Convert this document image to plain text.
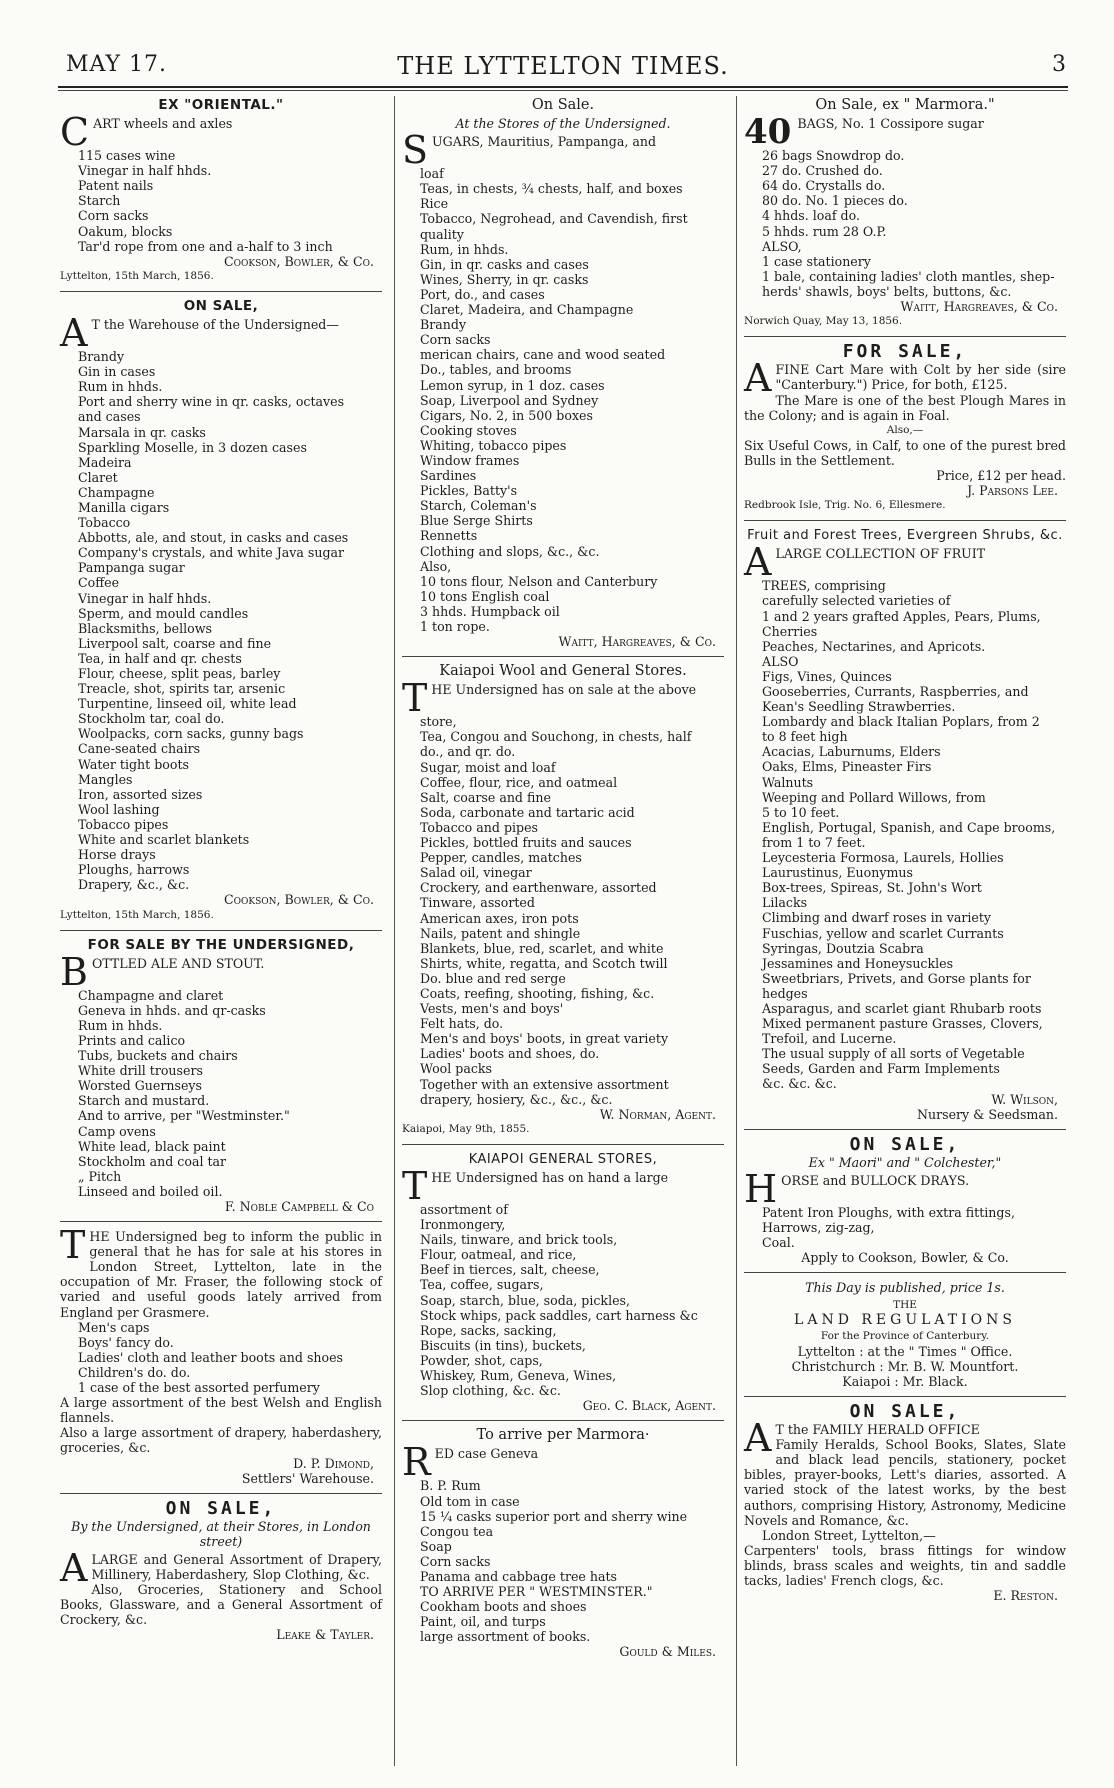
MAY 17.	THE LYTTELTON TIMES.	3
EX "ORIENTAL."
C ART wheels and axles
115 cases wine
Vinegar in half hhds.
Patent nails
Starch
Corn sacks
Oakum, blocks
Tar'd rope from one and a-half to 3 inch
Cookson, Bowler, & Co.
Lyttelton, 15th March, 1856.
ON SALE,
A T the Warehouse of the Undersigned—
Brandy
Gin in cases
Rum in hhds.
Port and sherry wine in qr. casks, octaves
and cases
Marsala in qr. casks
Sparkling Moselle, in 3 dozen cases
Madeira
Claret
Champagne
Manilla cigars
Tobacco
Abbotts, ale, and stout, in casks and cases
Company's crystals, and white Java sugar
Pampanga sugar
Coffee
Vinegar in half hhds.
Sperm, and mould candles
Blacksmiths, bellows
Liverpool salt, coarse and fine
Tea, in half and qr. chests
Flour, cheese, split peas, barley
Treacle, shot, spirits tar, arsenic
Turpentine, linseed oil, white lead
Stockholm tar, coal do.
Woolpacks, corn sacks, gunny bags
Cane-seated chairs
Water tight boots
Mangles
Iron, assorted sizes
Wool lashing
Tobacco pipes
White and scarlet blankets
Horse drays
Ploughs, harrows
Drapery, &c., &c.
Cookson, Bowler, & Co.
Lyttelton, 15th March, 1856.
FOR SALE BY THE UNDERSIGNED,
B OTTLED ALE AND STOUT.
Champagne and claret
Geneva in hhds. and qr-casks
Rum in hhds.
Prints and calico
Tubs, buckets and chairs
White drill trousers
Worsted Guernseys
Starch and mustard.
And to arrive, per "Westminster."
Camp ovens
White lead, black paint
Stockholm and coal tar
„ Pitch
Linseed and boiled oil.
F. Noble Campbell & Co
T HE Undersigned beg to inform the public in general that he has for sale at his stores in London Street, Lyttelton, late in the occupation of Mr. Fraser, the following stock of varied and useful goods lately arrived from England per Grasmere.
Men's caps
Boys' fancy do.
Ladies' cloth and leather boots and shoes
Children's do. do.
1 case of the best assorted perfumery
A large assortment of the best Welsh and English flannels.
Also a large assortment of drapery, haberdashery, groceries, &c.
D. P. Dimond,
Settlers' Warehouse.
ON SALE,
By the Undersigned, at their Stores, in London street)
A LARGE and General Assortment of Drapery, Millinery, Haberdashery, Slop Clothing, &c.
Also, Groceries, Stationery and School Books, Glassware, and a General Assortment of Crockery, &c.
Leake & Tayler.
On Sale.
At the Stores of the Undersigned.
S UGARS, Mauritius, Pampanga, and
loaf
Teas, in chests, ¾ chests, half, and boxes
Rice
Tobacco, Negrohead, and Cavendish, first
quality
Rum, in hhds.
Gin, in qr. casks and cases
Wines, Sherry, in qr. casks
Port, do., and cases
Claret, Madeira, and Champagne
Brandy
Corn sacks
merican chairs, cane and wood seated
Do., tables, and brooms
Lemon syrup, in 1 doz. cases
Soap, Liverpool and Sydney
Cigars, No. 2, in 500 boxes
Cooking stoves
Whiting, tobacco pipes
Window frames
Sardines
Pickles, Batty's
Starch, Coleman's
Blue Serge Shirts
Rennetts
Clothing and slops, &c., &c.
Also,
10 tons flour, Nelson and Canterbury
10 tons English coal
3 hhds. Humpback oil
1 ton rope.
Waitt, Hargreaves, & Co.
Kaiapoi Wool and General Stores.
T HE Undersigned has on sale at the above
store,
Tea, Congou and Souchong, in chests, half
do., and qr. do.
Sugar, moist and loaf
Coffee, flour, rice, and oatmeal
Salt, coarse and fine
Soda, carbonate and tartaric acid
Tobacco and pipes
Pickles, bottled fruits and sauces
Pepper, candles, matches
Salad oil, vinegar
Crockery, and earthenware, assorted
Tinware, assorted
American axes, iron pots
Nails, patent and shingle
Blankets, blue, red, scarlet, and white
Shirts, white, regatta, and Scotch twill
Do. blue and red serge
Coats, reefing, shooting, fishing, &c.
Vests, men's and boys'
Felt hats, do.
Men's and boys' boots, in great variety
Ladies' boots and shoes, do.
Wool packs
Together with an extensive assortment
drapery, hosiery, &c., &c., &c.
W. Norman, Agent.
Kaiapoi, May 9th, 1855.
KAIAPOI GENERAL STORES,
T HE Undersigned has on hand a large
assortment of
Ironmongery,
Nails, tinware, and brick tools,
Flour, oatmeal, and rice,
Beef in tierces, salt, cheese,
Tea, coffee, sugars,
Soap, starch, blue, soda, pickles,
Stock whips, pack saddles, cart harness &c
Rope, sacks, sacking,
Biscuits (in tins), buckets,
Powder, shot, caps,
Whiskey, Rum, Geneva, Wines,
Slop clothing, &c. &c.
Geo. C. Black, Agent.
To arrive per Marmora·
R ED case Geneva
B. P. Rum
Old tom in case
15 ¼ casks superior port and sherry wine
Congou tea
Soap
Corn sacks
Panama and cabbage tree hats
TO ARRIVE PER " WESTMINSTER."
Cookham boots and shoes
Paint, oil, and turps
large assortment of books.
Gould & Miles.
On Sale, ex " Marmora."
40 BAGS, No. 1 Cossipore sugar
26 bags Snowdrop do.
27 do. Crushed do.
64 do. Crystalls do.
80 do. No. 1 pieces do.
4 hhds. loaf do.
5 hhds. rum 28 O.P.
ALSO,
1 case stationery
1 bale, containing ladies' cloth mantles, shep-
herds' shawls, boys' belts, buttons, &c.
Waitt, Hargreaves, & Co.
Norwich Quay, May 13, 1856.
FOR SALE,
A FINE Cart Mare with Colt by her side (sire "Canterbury.") Price, for both, £125.
The Mare is one of the best Plough Mares in the Colony; and is again in Foal.
Also,—
Six Useful Cows, in Calf, to one of the purest bred Bulls in the Settlement.
Price, £12 per head.
J. Parsons Lee.
Redbrook Isle, Trig. No. 6, Ellesmere.
Fruit and Forest Trees, Evergreen Shrubs, &c.
A LARGE COLLECTION OF FRUIT
TREES, comprising
carefully selected varieties of
1 and 2 years grafted Apples, Pears, Plums,
Cherries
Peaches, Nectarines, and Apricots.
ALSO
Figs, Vines, Quinces
Gooseberries, Currants, Raspberries, and
Kean's Seedling Strawberries.
Lombardy and black Italian Poplars, from 2
to 8 feet high
Acacias, Laburnums, Elders
Oaks, Elms, Pineaster Firs
Walnuts
Weeping and Pollard Willows, from
5 to 10 feet.
English, Portugal, Spanish, and Cape brooms,
from 1 to 7 feet.
Leycesteria Formosa, Laurels, Hollies
Laurustinus, Euonymus
Box-trees, Spireas, St. John's Wort
Lilacks
Climbing and dwarf roses in variety
Fuschias, yellow and scarlet Currants
Syringas, Doutzia Scabra
Jessamines and Honeysuckles
Sweetbriars, Privets, and Gorse plants for
hedges
Asparagus, and scarlet giant Rhubarb roots
Mixed permanent pasture Grasses, Clovers,
Trefoil, and Lucerne.
The usual supply of all sorts of Vegetable
Seeds, Garden and Farm Implements
&c. &c. &c.
W. Wilson,
Nursery & Seedsman.
ON SALE,
Ex " Maori" and " Colchester,"
H ORSE and BULLOCK DRAYS.
Patent Iron Ploughs, with extra fittings,
Harrows, zig-zag,
Coal.
Apply to Cookson, Bowler, & Co.
This Day is published, price 1s.
THE
LAND REGULATIONS
For the Province of Canterbury.
Lyttelton : at the " Times " Office.
Christchurch : Mr. B. W. Mountfort.
Kaiapoi : Mr. Black.
ON SALE,
A T the FAMILY HERALD OFFICE
Family Heralds, School Books, Slates, Slate and black lead pencils, stationery, pocket bibles, prayer-books, Lett's diaries, assorted. A varied stock of the latest works, by the best authors, comprising History, Astronomy, Medicine Novels and Romance, &c.
London Street, Lyttelton,—
Carpenters' tools, brass fittings for window blinds, brass scales and weights, tin and saddle tacks, ladies' French clogs, &c.
E. Reston.
